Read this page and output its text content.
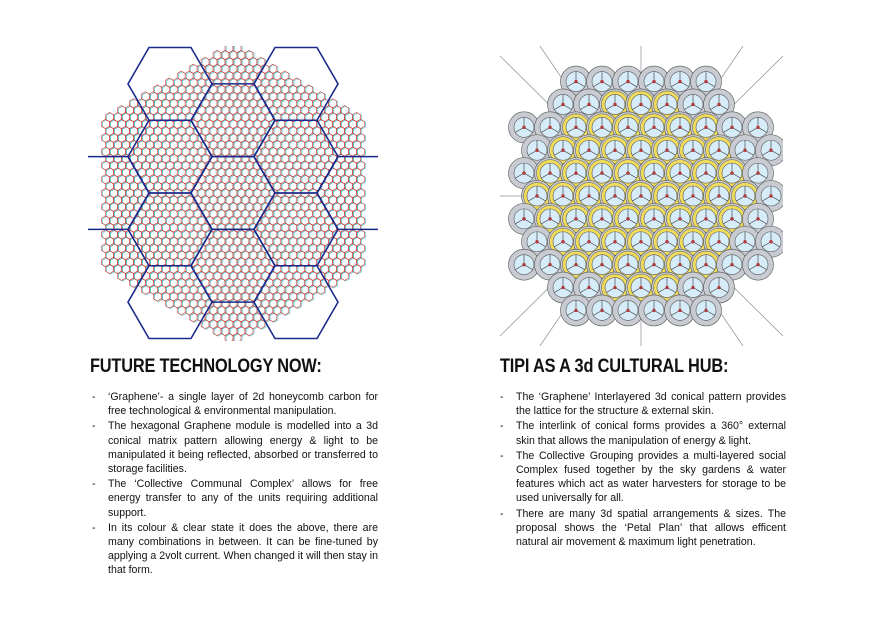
FUTURE TECHNOLOGY NOW:
- ‘Graphene’- a single layer of 2d honeycomb carbon for free technological & environmental manipulation.
- The hexagonal Graphene module is modelled into a 3d conical matrix pattern allowing energy & light to be manipulated it being reflected, absorbed or transferred to storage facilities.
- The ‘Collective Communal Complex’ allows for free energy transfer to any of the units requiring additional support.
- In its colour & clear state it does the above, there are many combinations in between. It can be fine-tuned by applying a 2volt current. When changed it will then stay in that form.
TIPI AS A 3d CULTURAL HUB:
- The ‘Graphene’ Interlayered 3d conical pattern provides the lattice for the structure & external skin.
- The interlink of conical forms provides a 360° external skin that allows the manipulation of energy & light.
- The Collective Grouping provides a multi-layered social Complex fused together by the sky gardens & water features which act as water harvesters for storage to be used universally for all.
- There are many 3d spatial arrangements & sizes. The proposal shows the ‘Petal Plan’ that allows efficent natural air movement & maximum light penetration.
